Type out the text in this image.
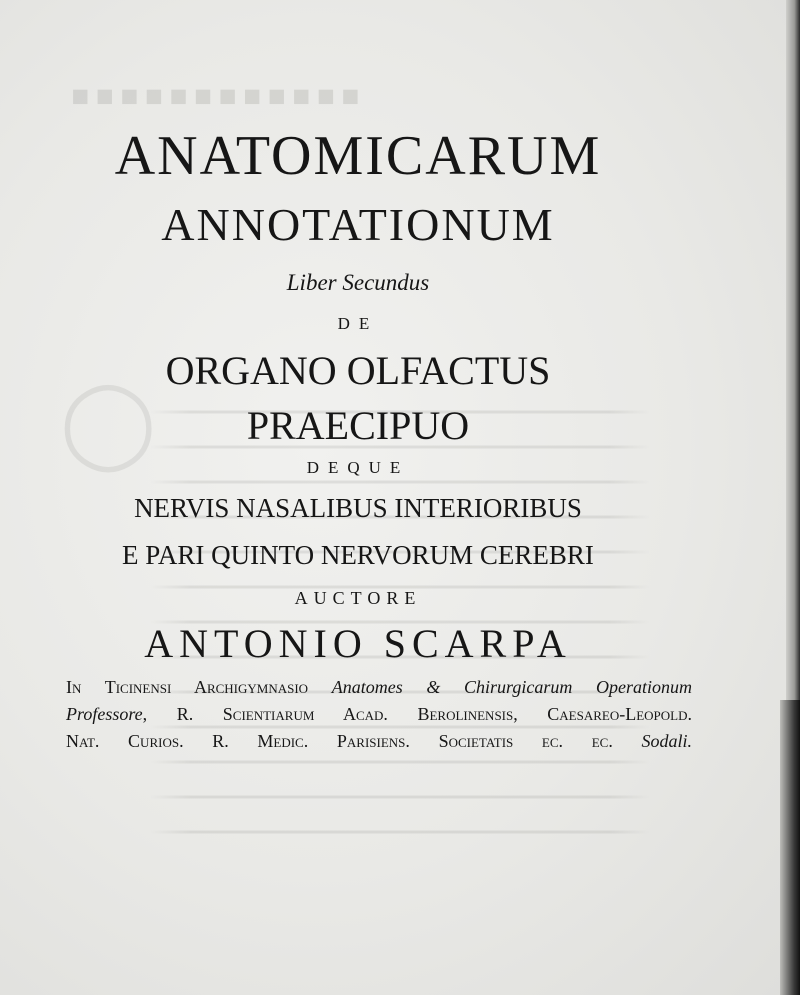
▪▪▪▪▪▪▪▪▪▪▪▪
◯
ANATOMICARUM
ANNOTATIONUM
Liber Secundus
DE
ORGANO OLFACTUS
PRAECIPUO
DEQUE
NERVIS NASALIBUS INTERIORIBUS
E PARI QUINTO NERVORUM CEREBRI
AUCTORE
ANTONIO SCARPA
In Ticinensi Archigymnasio Anatomes & Chirurgicarum Operationum
Professore, R. Scientiarum Acad. Berolinensis, Caesareo-Leopold.
Nat. Curios. R. Medic. Parisiens. Societatis ec. ec. Sodali.
